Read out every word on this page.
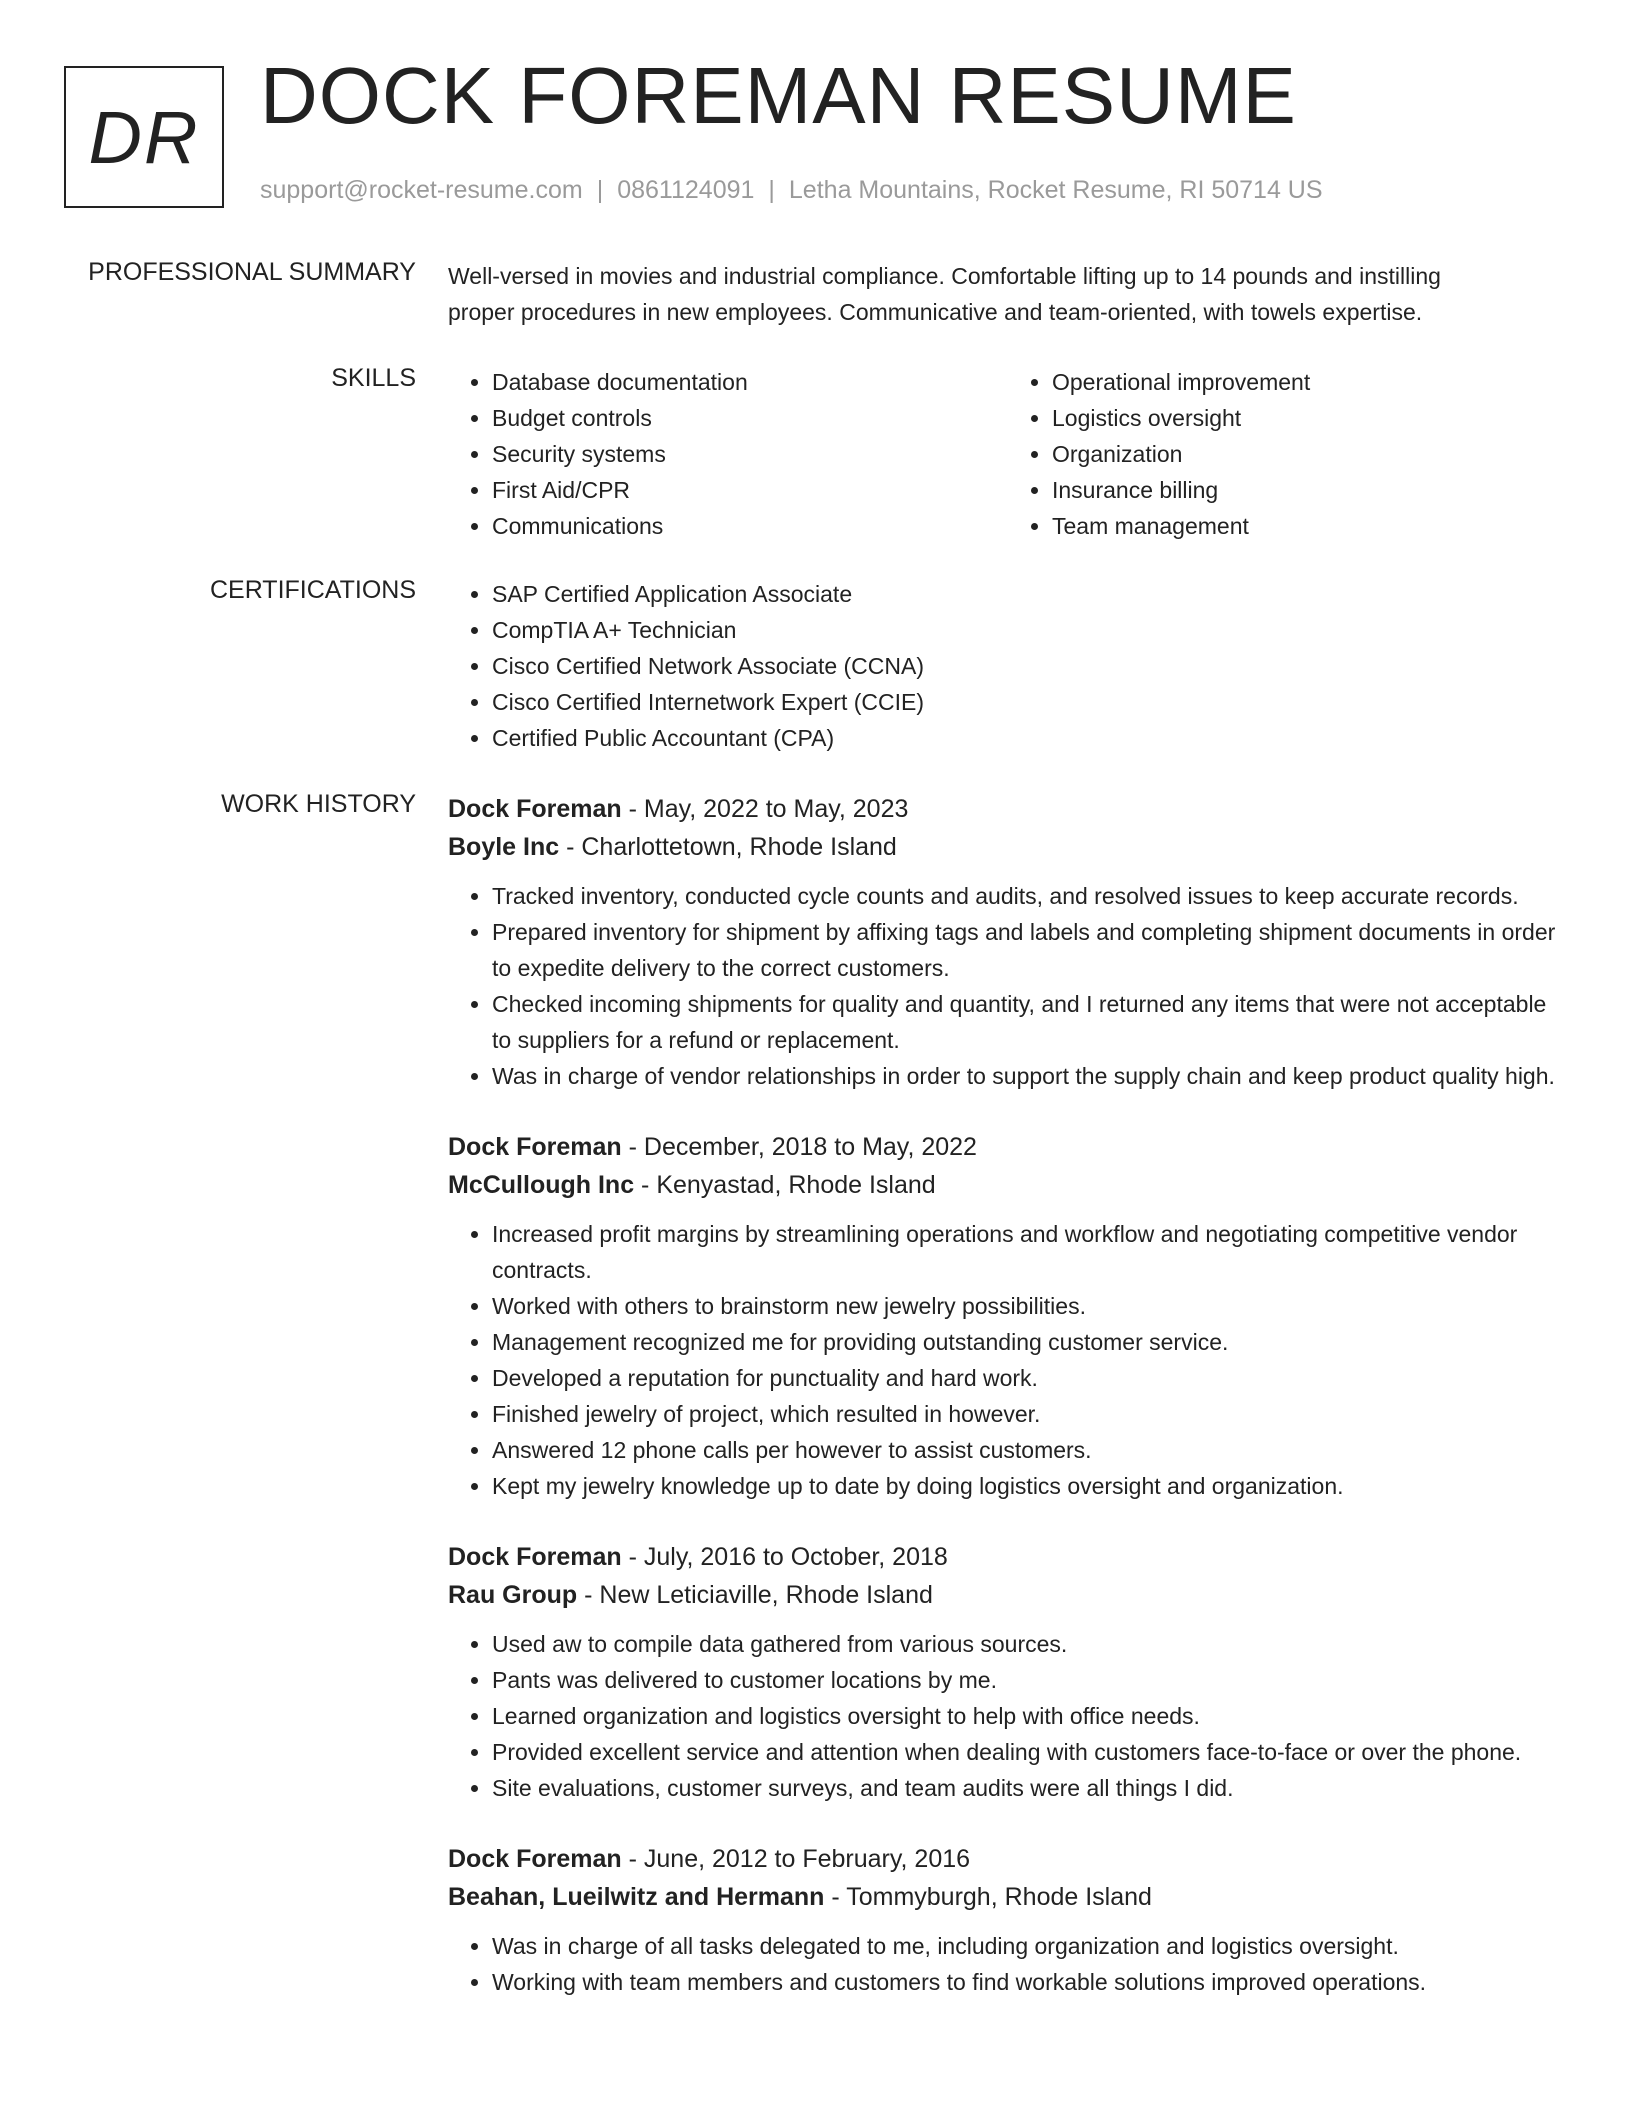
DR DOCK FOREMAN RESUME
support@rocket-resume.com | 0861124091 | Letha Mountains, Rocket Resume, RI 50714 US
PROFESSIONAL SUMMARY Well-versed in movies and industrial compliance. Comfortable lifting up to 14 pounds and instilling

proper procedures in new employees. Communicative and team-oriented, with towels expertise.

SKILLS	• Database documentation
• Budget controls
• Security systems
• First Aid/CPR
• Communications
• Operational improvement
• Logistics oversight
• Organization
• Insurance billing
• Team management
CERTIFICATIONS	• SAP Certified Application Associate
• CompTIA A+ Technician
• Cisco Certified Network Associate (CCNA)
• Cisco Certified Internetwork Expert (CCIE)
• Certified Public Accountant (CPA)
WORK HISTORY Dock Foreman - May, 2022 to May, 2023
Boyle Inc - Charlottetown, Rhode Island
• Tracked inventory, conducted cycle counts and audits, and resolved issues to keep accurate records.
• Prepared inventory for shipment by affixing tags and labels and completing shipment documents in order to expedite delivery to the correct customers.
• Checked incoming shipments for quality and quantity, and I returned any items that were not acceptable to suppliers for a refund or replacement.
• Was in charge of vendor relationships in order to support the supply chain and keep product quality high.
Dock Foreman - December, 2018 to May, 2022
McCullough Inc - Kenyastad, Rhode Island
• Increased profit margins by streamlining operations and workflow and negotiating competitive vendor contracts.
• Worked with others to brainstorm new jewelry possibilities.
• Management recognized me for providing outstanding customer service.
• Developed a reputation for punctuality and hard work.
• Finished jewelry of project, which resulted in however.
• Answered 12 phone calls per however to assist customers.
• Kept my jewelry knowledge up to date by doing logistics oversight and organization.
Dock Foreman - July, 2016 to October, 2018
Rau Group - New Leticiaville, Rhode Island
• Used aw to compile data gathered from various sources.
• Pants was delivered to customer locations by me.
• Learned organization and logistics oversight to help with office needs.
• Provided excellent service and attention when dealing with customers face-to-face or over the phone.
• Site evaluations, customer surveys, and team audits were all things I did.
Dock Foreman - June, 2012 to February, 2016
Beahan, Lueilwitz and Hermann - Tommyburgh, Rhode Island
• Was in charge of all tasks delegated to me, including organization and logistics oversight.
• Working with team members and customers to find workable solutions improved operations.
